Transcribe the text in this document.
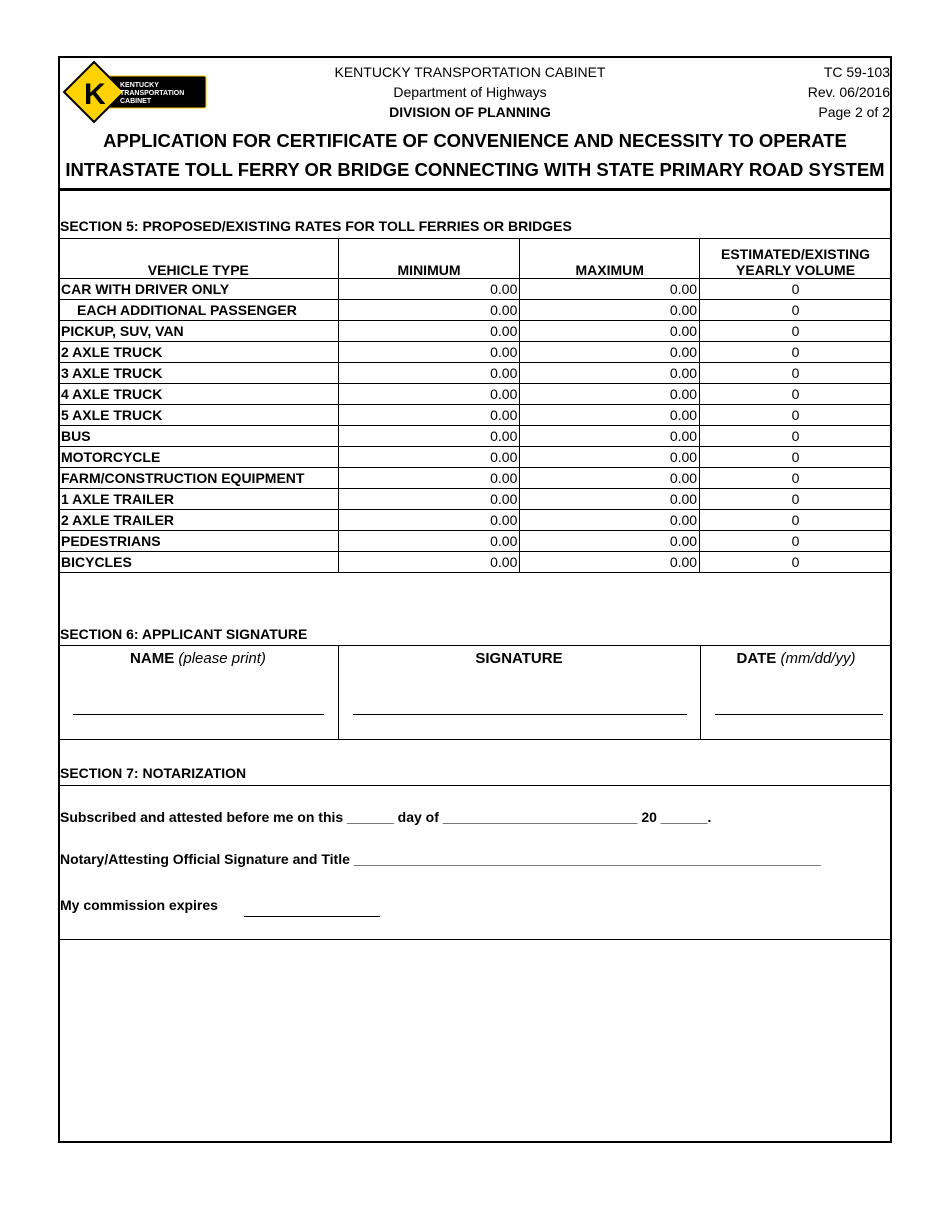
K KENTUCKY
TRANSPORTATION
CABINET
KENTUCKY TRANSPORTATION CABINET
Department of Highways
DIVISION OF PLANNING
TC 59-103
Rev. 06/2016
Page 2 of 2
APPLICATION FOR CERTIFICATE OF CONVENIENCE AND NECESSITY TO OPERATE
INTRASTATE TOLL FERRY OR BRIDGE CONNECTING WITH STATE PRIMARY ROAD SYSTEM
SECTION 5: PROPOSED/EXISTING RATES FOR TOLL FERRIES OR BRIDGES
VEHICLE TYPE	MINIMUM	MAXIMUM	ESTIMATED/EXISTING
YEARLY VOLUME
CAR WITH DRIVER ONLY	0.00	0.00	0
EACH ADDITIONAL PASSENGER	0.00	0.00	0
PICKUP, SUV, VAN	0.00	0.00	0
2 AXLE TRUCK	0.00	0.00	0
3 AXLE TRUCK	0.00	0.00	0
4 AXLE TRUCK	0.00	0.00	0
5 AXLE TRUCK	0.00	0.00	0
BUS	0.00	0.00	0
MOTORCYCLE	0.00	0.00	0
FARM/CONSTRUCTION EQUIPMENT	0.00	0.00	0
1 AXLE TRAILER	0.00	0.00	0
2 AXLE TRAILER	0.00	0.00	0
PEDESTRIANS	0.00	0.00	0
BICYCLES	0.00	0.00	0
SECTION 6: APPLICANT SIGNATURE
NAME (please print)	SIGNATURE	DATE (mm/dd/yy)
SECTION 7: NOTARIZATION
Subscribed and attested before me on this ______ day of _________________________ 20 ______.
Notary/Attesting Official Signature and Title ____________________________________________________________
My commission expires
